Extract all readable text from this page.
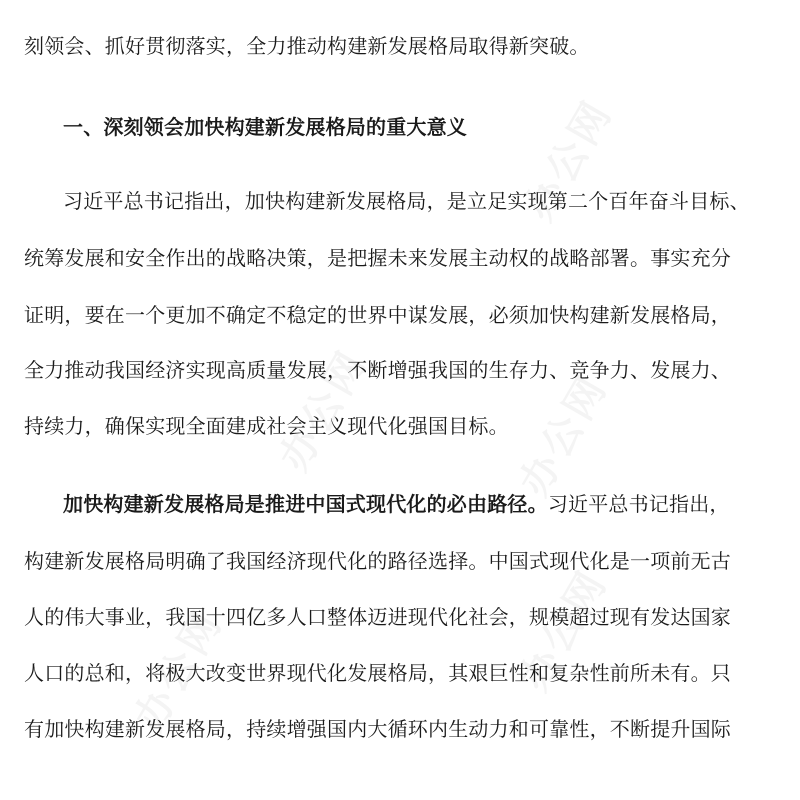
刻领会、抓好贯彻落实，全力推动构建新发展格局取得新突破。
一、深刻领会加快构建新发展格局的重大意义
习近平总书记指出，加快构建新发展格局，是立足实现第二个百年奋斗目标、
统筹发展和安全作出的战略决策，是把握未来发展主动权的战略部署。事实充分
证明，要在一个更加不确定不稳定的世界中谋发展，必须加快构建新发展格局，
全力推动我国经济实现高质量发展，不断增强我国的生存力、竞争力、发展力、
持续力，确保实现全面建成社会主义现代化强国目标。
加快构建新发展格局是推进中国式现代化的必由路径。习近平总书记指出，
构建新发展格局明确了我国经济现代化的路径选择。中国式现代化是一项前无古
人的伟大事业，我国十四亿多人口整体迈进现代化社会，规模超过现有发达国家
人口的总和，将极大改变世界现代化发展格局，其艰巨性和复杂性前所未有。只
有加快构建新发展格局，持续增强国内大循环内生动力和可靠性，不断提升国际
